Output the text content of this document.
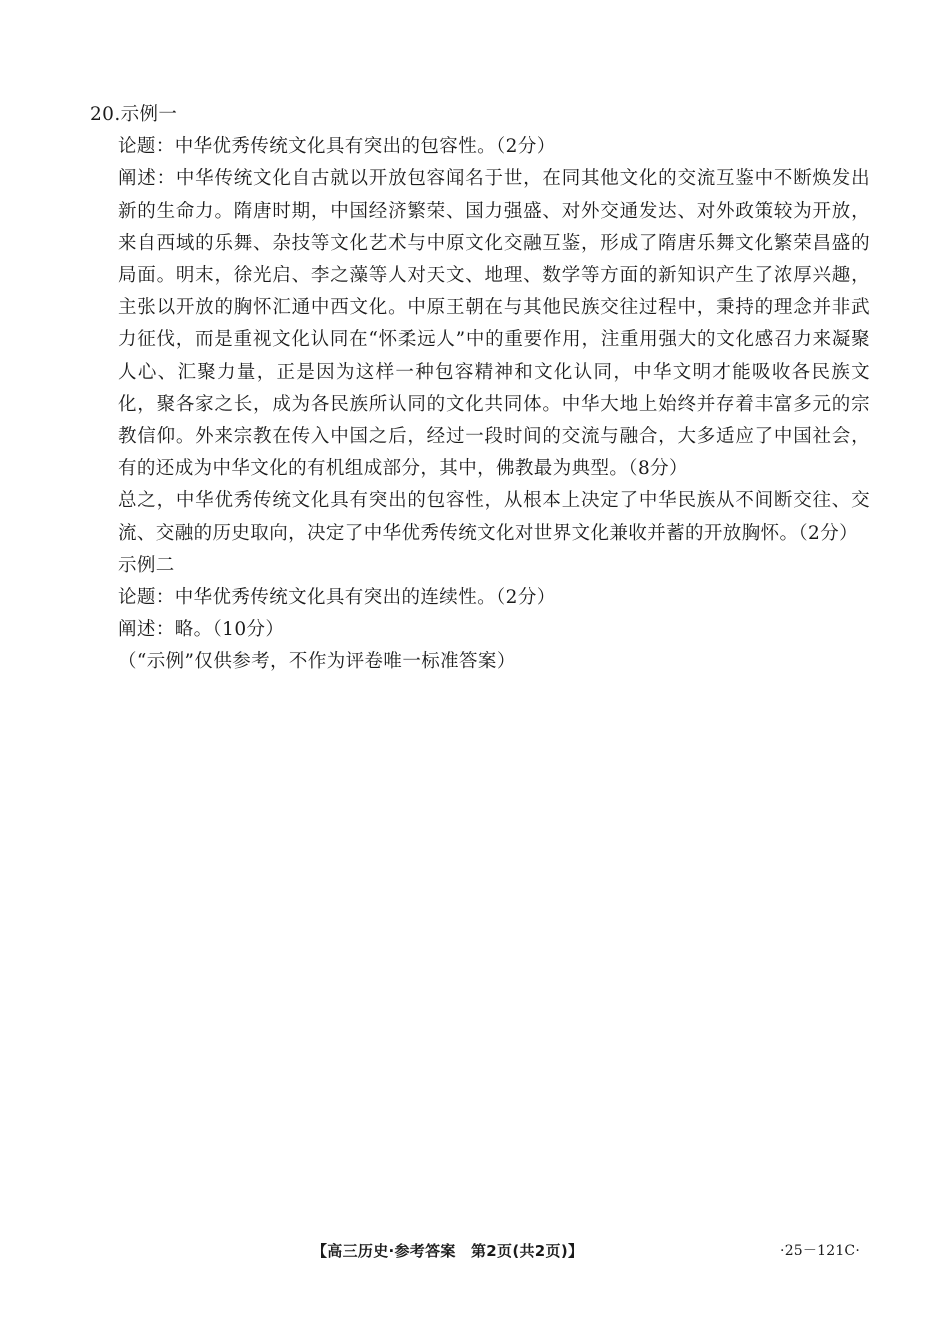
20.示例一
论题：中华优秀传统文化具有突出的包容性。（2分）
阐述：中华传统文化自古就以开放包容闻名于世，在同其他文化的交流互鉴中不断焕发出新的生命力。隋唐时期，中国经济繁荣、国力强盛、对外交通发达、对外政策较为开放，来自西域的乐舞、杂技等文化艺术与中原文化交融互鉴，形成了隋唐乐舞文化繁荣昌盛的局面。明末，徐光启、李之藻等人对天文、地理、数学等方面的新知识产生了浓厚兴趣，主张以开放的胸怀汇通中西文化。中原王朝在与其他民族交往过程中，秉持的理念并非武力征伐，而是重视文化认同在“怀柔远人”中的重要作用，注重用强大的文化感召力来凝聚人心、汇聚力量，正是因为这样一种包容精神和文化认同，中华文明才能吸收各民族文化，聚各家之长，成为各民族所认同的文化共同体。中华大地上始终并存着丰富多元的宗教信仰。外来宗教在传入中国之后，经过一段时间的交流与融合，大多适应了中国社会，有的还成为中华文化的有机组成部分，其中，佛教最为典型。（8分）
总之，中华优秀传统文化具有突出的包容性，从根本上决定了中华民族从不间断交往、交流、交融的历史取向，决定了中华优秀传统文化对世界文化兼收并蓄的开放胸怀。（2分）
示例二
论题：中华优秀传统文化具有突出的连续性。（2分）
阐述：略。（10分）
（“示例”仅供参考，不作为评卷唯一标准答案）
【高三历史·参考答案　第2页(共2页)】	·25－121C·
